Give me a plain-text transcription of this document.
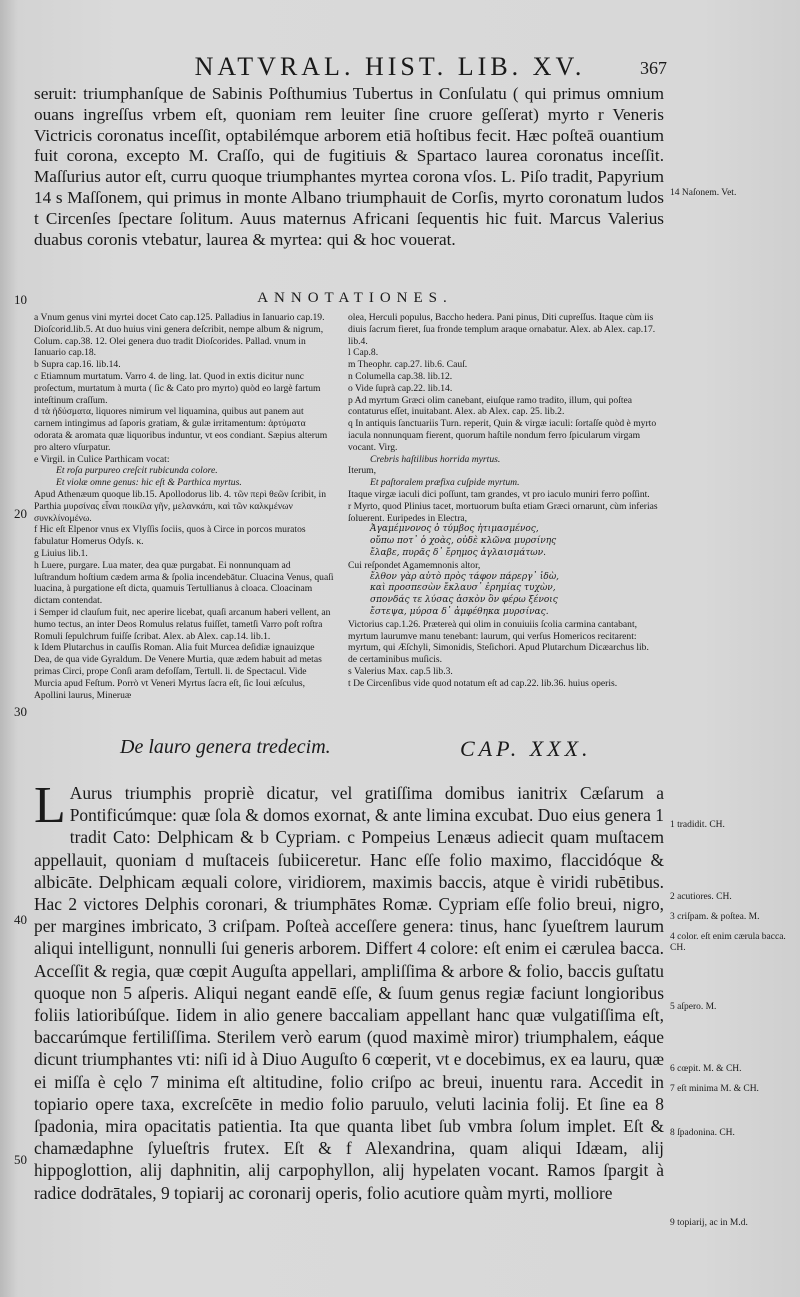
NATVRAL. HIST. LIB. XV.	367

seruit: triumphanſque de Sabinis Poſthumius Tubertus in Conſulatu ( qui primus omnium ouans ingreſſus vrbem eſt, quoniam rem leuiter ſine cruore geſſerat) myrto r Veneris Victricis coronatus inceſſit, optabilémque arborem etiā hoſtibus fecit. Hæc poſteā ouantium fuit corona, excepto M. Craſſo, qui de fugitiuis & Spartaco laurea coronatus inceſſit. Maſſurius autor eſt, curru quoque triumphantes myrtea corona vſos. L. Piſo tradit, Papyrium 14 s Maſſonem, qui primus in monte Albano triumphauit de Corſis, myrto coronatum ludos t Circenſes ſpectare ſolitum. Auus maternus Africani ſequentis hic fuit. Marcus Valerius duabus coronis vtebatur, laurea & myrtea: qui & hoc vouerat.

14 Naſonem. Vet.
10
20
30
40
50
ANNOTATIONES.
a Vnum genus vini myrtei docet Cato cap.125. Palladius in Ianuario cap.19. Dioſcorid.lib.5. At duo huius vini genera deſcribit, nempe album & nigrum, Colum. cap.38. 12. Olei genera duo tradit Dioſcorides. Pallad. vnum in Ianuario cap.18.
b Supra cap.16. lib.14.
c Etiamnum murtatum. Varro 4. de ling. lat. Quod in extis dicitur nunc proſectum, murtatum à murta ( ſic & Cato pro myrto) quòd eo largè fartum inteſtinum craſſum.
d τὰ ἡδύσματα, liquores nimirum vel liquamina, quibus aut panem aut carnem intingimus ad ſaporis gratiam, & gulæ irritamentum: ἀρτύματα odorata & aromata quæ liquoribus induntur, vt eos condiant. Sæpius alterum pro altero vſurpatur.
e Virgil. in Culice Parthicam vocat:
Et roſa purpureo creſcit rubicunda colore.
Et violæ omne genus: hic eſt & Parthica myrtus.
Apud Athenæum quoque lib.15. Apollodorus lib. 4. τῶν περὶ θεῶν ſcribit, in Parthia μυρσίνας εἶναι ποικίλα γῆν, μελανκάπι, καὶ τῶν καλκμένων συνκλίνομένω.
f Hic eſt Elpenor vnus ex Vlyſſis ſociis, quos à Circe in porcos muratos fabulatur Homerus Odyſs. κ.
g Liuius lib.1.
h Luere, purgare. Lua mater, dea quæ purgabat. Ei nonnunquam ad luſtrandum hoſtium cædem arma & ſpolia incendebātur. Cluacina Venus, quaſi luacina, à purgatione eſt dicta, quamuis Tertullianus à cloaca. Cloacinam dictam contendat.
i Semper id clauſum fuit, nec aperire licebat, quaſi arcanum haberi vellent, an humo tectus, an inter Deos Romulus relatus fuiſſet, tametſi Varro poſt roſtra Romuli ſepulchrum fuiſſe ſcribat. Alex. ab Alex. cap.14. lib.1.
k Idem Plutarchus in cauſſis Roman. Alia fuit Murcea deſidiæ ignauizque Dea, de qua vide Gyraldum. De Venere Murtia, quæ ædem habuit ad metas primas Circi, prope Conſi aram defoſſam, Tertull. li. de Spectacul. Vide Murcia apud Feſtum. Porrò vt Veneri Myrtus ſacra eſt, ſic Ioui æſculus, Apollini laurus, Mineruæ
olea, Herculi populus, Baccho hedera. Pani pinus, Diti cupreſſus. Itaque cùm iis diuis ſacrum fieret, ſua fronde templum araque ornabatur. Alex. ab Alex. cap.17. lib.4.
l Cap.8.
m Theophr. cap.27. lib.6. Cauſ.
n Columella cap.38. lib.12.
o Vide ſuprà cap.22. lib.14.
p Ad myrtum Græci olim canebant, eiuſque ramo tradito, illum, qui poſtea contaturus eſſet, inuitabant. Alex. ab Alex. cap. 25. lib.2.
q In antiquis ſanctuariis Turn. reperit, Quin & virgæ iaculi: ſortaſſe quòd è myrto iacula nonnunquam fierent, quorum haſtile nondum ferro ſpicularum virgam vocant. Virg.
Crebris haſtilibus horrida myrtus.
Iterum,
Et paſtoralem præfixa cuſpide myrtum.
Itaque virgæ iaculi dici poſſunt, tam grandes, vt pro iaculo muniri ferro poſſint.
r Myrto, quod Plinius tacet, mortuorum buſta etiam Græci ornarunt, cùm inferias ſoluerent. Euripedes in Electra,
Ἀγαμέμνονος ὁ τύμβος ἠτιμασμένος,
οὔπω ποτ᾽ ὁ χοὰς, οὐδὲ κλῶνα μυρσίνης
ἔλαβε, πυρᾶς δ᾽ ἔρημος ἀγλαισμάτων.
Cui reſpondet Agamemnonis altor,
ἔλθον γὰρ αὐτὸ πρὸς τάφον πάρεργ᾽ ἰδὼ,
καὶ προσπεσὼν ἔκλαυσ᾽ ἐρημίας τυχὼν,
σπονδάς τε λύσας ἀσκὸν ὃν φέρω ξένοις
ἔστεψα, μύρσα δ᾽ ἀμφέθηκα μυρσίνας.
Victorius cap.1.26. Prætereà qui olim in conuiuiis ſcolia carmina cantabant, myrtum laurumve manu tenebant: laurum, qui verſus Homericos recitarent: myrtum, qui Æſchyli, Simonidis, Steſichori. Apud Plutarchum Dicæarchus lib. de certaminibus muſicis.
s Valerius Max. cap.5 lib.3.
t De Circenſibus vide quod notatum eſt ad cap.22. lib.36. huius operis.
De lauro genera tredecim.	CAP. XXX.

L Aurus triumphis propriè dicatur, vel gratiſſima domibus ianitrix Cæſarum a Pontificúmque: quæ ſola & domos exornat, & ante limina excubat. Duo eius genera 1 tradit Cato: Delphicam & b Cypriam. c Pompeius Lenæus adiecit quam muſtacem appellauit, quoniam d muſtaceis ſubiiceretur. Hanc eſſe folio maximo, flaccidóque & albicāte. Delphicam æquali colore, viridiorem, maximis baccis, atque è viridi rubētibus. Hac 2 victores Delphis coronari, & triumphātes Romæ. Cypriam eſſe folio breui, nigro, per margines imbricato, 3 criſpam. Poſteà acceſſere genera: tinus, hanc ſyueſtrem laurum aliqui intelligunt, nonnulli ſui generis arborem. Differt 4 colore: eſt enim ei cærulea bacca. Acceſſit & regia, quæ cœpit Auguſta appellari, ampliſſima & arbore & folio, baccis guſtatu quoque non 5 aſperis. Aliqui negant eandē eſſe, & ſuum genus regiæ faciunt longioribus foliis latioribúſque. Iidem in alio genere baccaliam appellant hanc quæ vulgatiſſima eſt, baccarúmque fertiliſſima. Sterilem verò earum (quod maximè miror) triumphalem, eáque dicunt triumphantes vti: niſi id à Diuo Auguſto 6 cœperit, vt e docebimus, ex ea lauru, quæ ei miſſa è cęlo 7 minima eſt altitudine, folio criſpo ac breui, inuentu rara. Accedit in topiario opere taxa, excreſcēte in medio folio paruulo, veluti lacinia folij. Et ſine ea 8 ſpadonia, mira opacitatis patientia. Ita que quanta libet ſub vmbra ſolum implet. Eſt & chamædaphne ſylueſtris frutex. Eſt & f Alexandrina, quam aliqui Idæam, alij hippoglottion, alij daphnitin, alij carpophyllon, alij hypelaten vocant. Ramos ſpargit à radice dodrātales, 9 topiarij ac coronarij operis, folio acutiore quàm myrti, molliore

1 tradidit. CH.
2 acutiores. CH.
3 criſpam. & poſtea. M.
4 color. eſt enim cærula bacca. CH.
5 aſpero. M.
6 cœpit. M. & CH.
7 eſt minima M. & CH.
8 ſpadonina. CH.
9 topiarij, ac in M.d.
